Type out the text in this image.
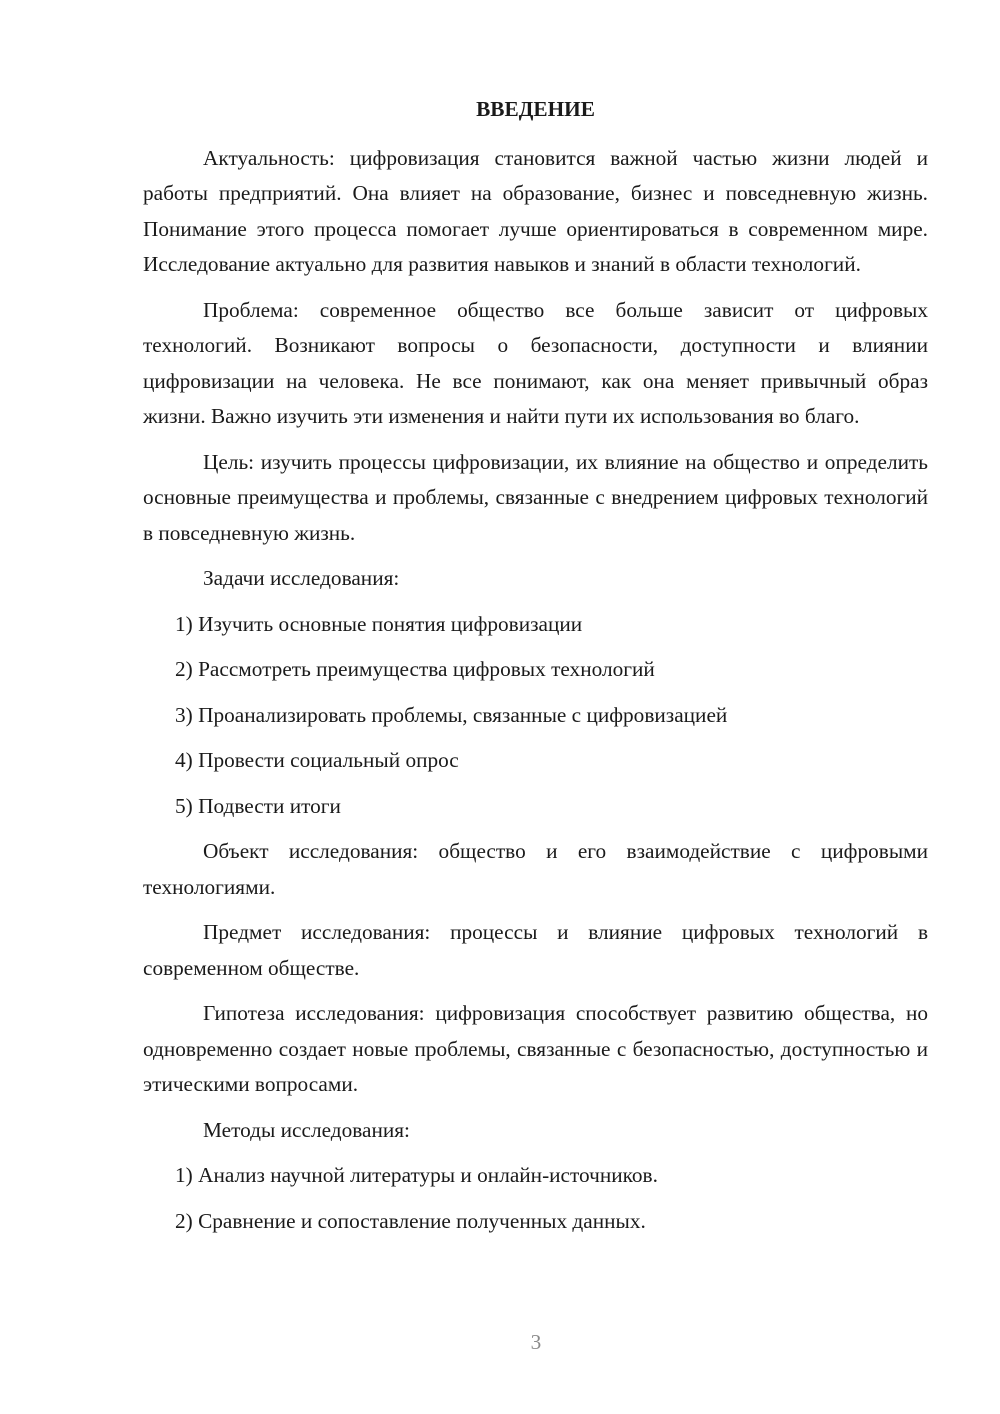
ВВЕДЕНИЕ

Актуальность: цифровизация становится важной частью жизни людей и работы предприятий. Она влияет на образование, бизнес и повседневную жизнь. Понимание этого процесса помогает лучше ориентироваться в современном мире. Исследование актуально для развития навыков и знаний в области технологий.

Проблема: современное общество все больше зависит от цифровых технологий. Возникают вопросы о безопасности, доступности и влиянии цифровизации на человека. Не все понимают, как она меняет привычный образ жизни. Важно изучить эти изменения и найти пути их использования во благо.

Цель: изучить процессы цифровизации, их влияние на общество и определить основные преимущества и проблемы, связанные с внедрением цифровых технологий в повседневную жизнь.

Задачи исследования:

1) Изучить основные понятия цифровизации

2) Рассмотреть преимущества цифровых технологий

3) Проанализировать проблемы, связанные с цифровизацией

4) Провести социальный опрос

5) Подвести итоги

Объект исследования: общество и его взаимодействие с цифровыми технологиями.

Предмет исследования: процессы и влияние цифровых технологий в современном обществе.

Гипотеза исследования: цифровизация способствует развитию общества, но одновременно создает новые проблемы, связанные с безопасностью, доступностью и этическими вопросами.

Методы исследования:

1) Анализ научной литературы и онлайн-источников.

2) Сравнение и сопоставление полученных данных.

3
